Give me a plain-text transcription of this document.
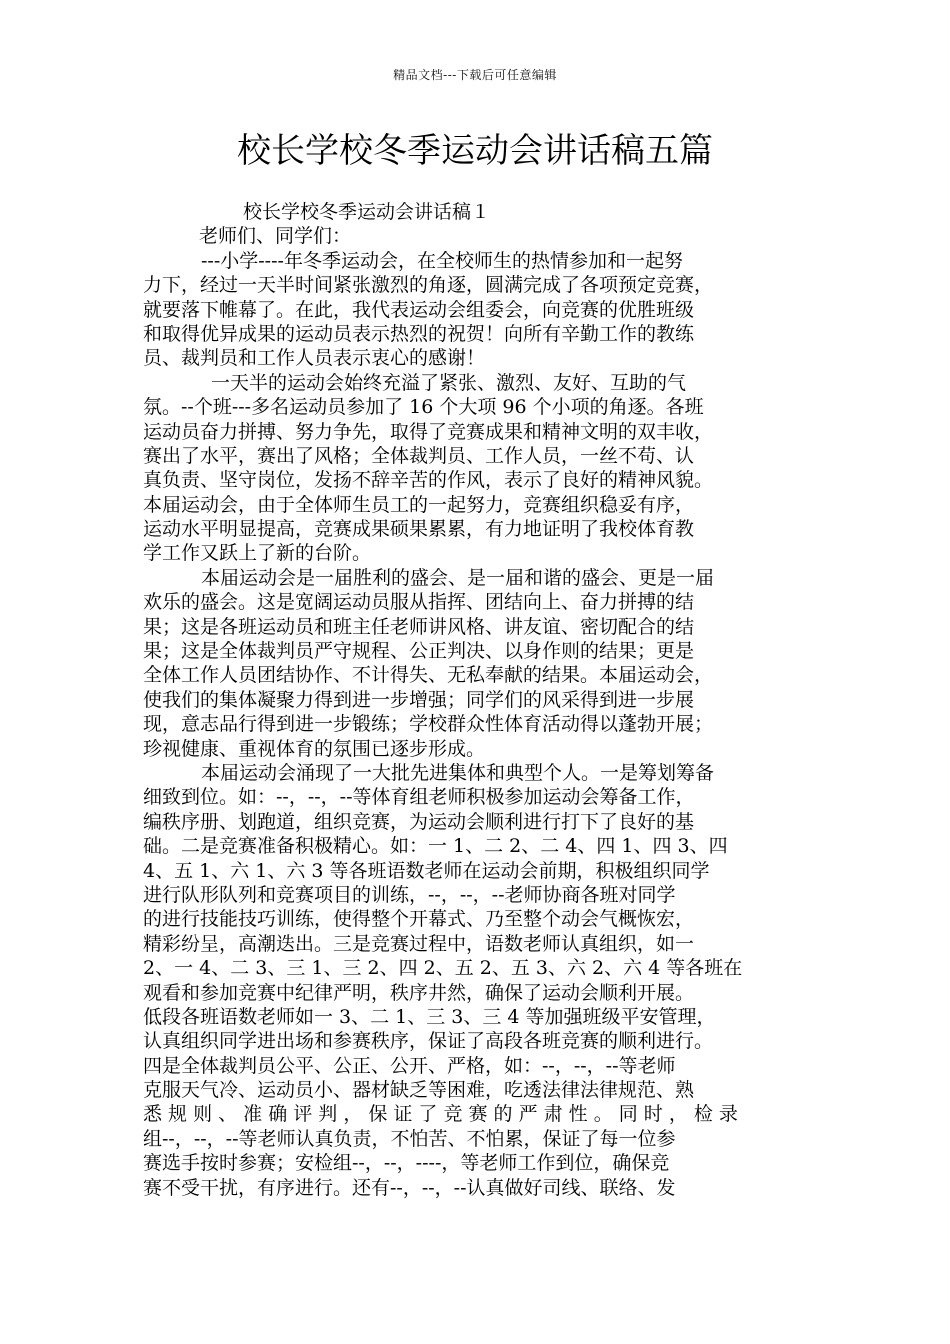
精品文档---下载后可任意编辑
校长学校冬季运动会讲话稿五篇
校长学校冬季运动会讲话稿１
老师们、同学们：
---小学----年冬季运动会，在全校师生的热情参加和一起努
力下，经过一天半时间紧张激烈的角逐，圆满完成了各项预定竞赛，
就要落下帷幕了。在此，我代表运动会组委会，向竞赛的优胜班级
和取得优异成果的运动员表示热烈的祝贺！向所有辛勤工作的教练
员、裁判员和工作人员表示衷心的感谢！
一天半的运动会始终充溢了紧张、激烈、友好、互助的气
氛。--个班---多名运动员参加了 16 个大项 96 个小项的角逐。各班
运动员奋力拼搏、努力争先，取得了竞赛成果和精神文明的双丰收，
赛出了水平，赛出了风格；全体裁判员、工作人员，一丝不苟、认
真负责、坚守岗位，发扬不辞辛苦的作风，表示了良好的精神风貌。
本届运动会，由于全体师生员工的一起努力，竞赛组织稳妥有序，
运动水平明显提高，竞赛成果硕果累累，有力地证明了我校体育教
学工作又跃上了新的台阶。
本届运动会是一届胜利的盛会、是一届和谐的盛会、更是一届
欢乐的盛会。这是宽阔运动员服从指挥、团结向上、奋力拼搏的结
果；这是各班运动员和班主任老师讲风格、讲友谊、密切配合的结
果；这是全体裁判员严守规程、公正判决、以身作则的结果；更是
全体工作人员团结协作、不计得失、无私奉献的结果。本届运动会，
使我们的集体凝聚力得到进一步增强；同学们的风采得到进一步展
现，意志品行得到进一步锻练；学校群众性体育活动得以蓬勃开展；
珍视健康、重视体育的氛围已逐步形成。
本届运动会涌现了一大批先进集体和典型个人。一是筹划筹备
细致到位。如：--，--，--等体育组老师积极参加运动会筹备工作，
编秩序册、划跑道，组织竞赛，为运动会顺利进行打下了良好的基
础。二是竞赛准备积极精心。如：一 1、二 2、二 4、四 1、四 3、四
4、五 1、六 1、六 3 等各班语数老师在运动会前期，积极组织同学
进行队形队列和竞赛项目的训练，--，--，--老师协商各班对同学
的进行技能技巧训练，使得整个开幕式、乃至整个动会气概恢宏，
精彩纷呈，高潮迭出。三是竞赛过程中，语数老师认真组织，如一
2、一 4、二 3、三 1、三 2、四 2、五 2、五 3、六 2、六 4 等各班在
观看和参加竞赛中纪律严明，秩序井然，确保了运动会顺利开展。
低段各班语数老师如一 3、二 1、三 3、三 4 等加强班级平安管理，
认真组织同学进出场和参赛秩序，保证了高段各班竞赛的顺利进行。
四是全体裁判员公平、公正、公开、严格，如：--，--，--等老师
克服天气冷、运动员小、器材缺乏等困难，吃透法律法律规范、熟
悉 规 则 、 准 确 评 判 ， 保 证 了 竞 赛 的 严 肃 性 。 同 时 ， 检 录
组--，--，--等老师认真负责，不怕苦、不怕累，保证了每一位参
赛选手按时参赛；安检组--，--，----，等老师工作到位，确保竞
赛不受干扰，有序进行。还有--，--，--认真做好司线、联络、发
